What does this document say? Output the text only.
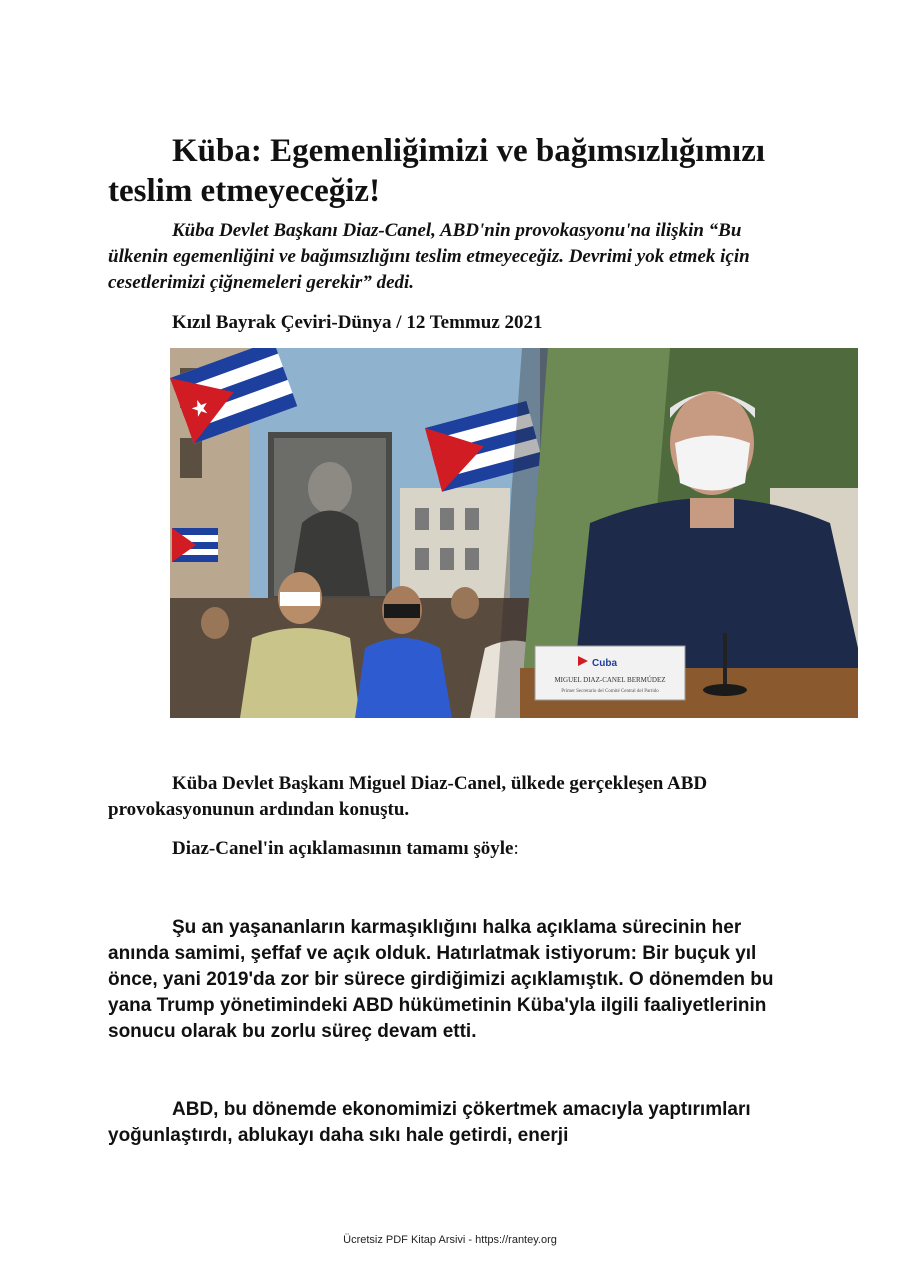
Küba: Egemenliğimizi ve bağımsızlığımızı teslim etmeyeceğiz!

Küba Devlet Başkanı Diaz-Canel, ABD'nin provokasyonu'na ilişkin “Bu ülkenin egemenliğini ve bağımsızlığını teslim etmeyeceğiz. Devrimi yok etmek için cesetlerimizi çiğnemeleri gerekir” dedi.

Kızıl Bayrak Çeviri-Dünya / 12 Temmuz 2021

Cuba
MIGUEL DIAZ-CANEL BERMÚDEZ
Primer Secretario del Comité Central del Partido

Küba Devlet Başkanı Miguel Diaz-Canel, ülkede gerçekleşen ABD provokasyonunun ardından konuştu.

Diaz-Canel'in açıklamasının tamamı şöyle:

Şu an yaşananların karmaşıklığını halka açıklama sürecinin her anında samimi, şeffaf ve açık olduk. Hatırlatmak istiyorum: Bir buçuk yıl önce, yani 2019'da zor bir sürece girdiğimizi açıklamıştık. O dönemden bu yana Trump yönetimindeki ABD hükümetinin Küba'yla ilgili faaliyetlerinin sonucu olarak bu zorlu süreç devam etti.

ABD, bu dönemde ekonomimizi çökertmek amacıyla yaptırımları yoğunlaştırdı, ablukayı daha sıkı hale getirdi, enerji

Ücretsiz PDF Kitap Arsivi - https://rantey.org
